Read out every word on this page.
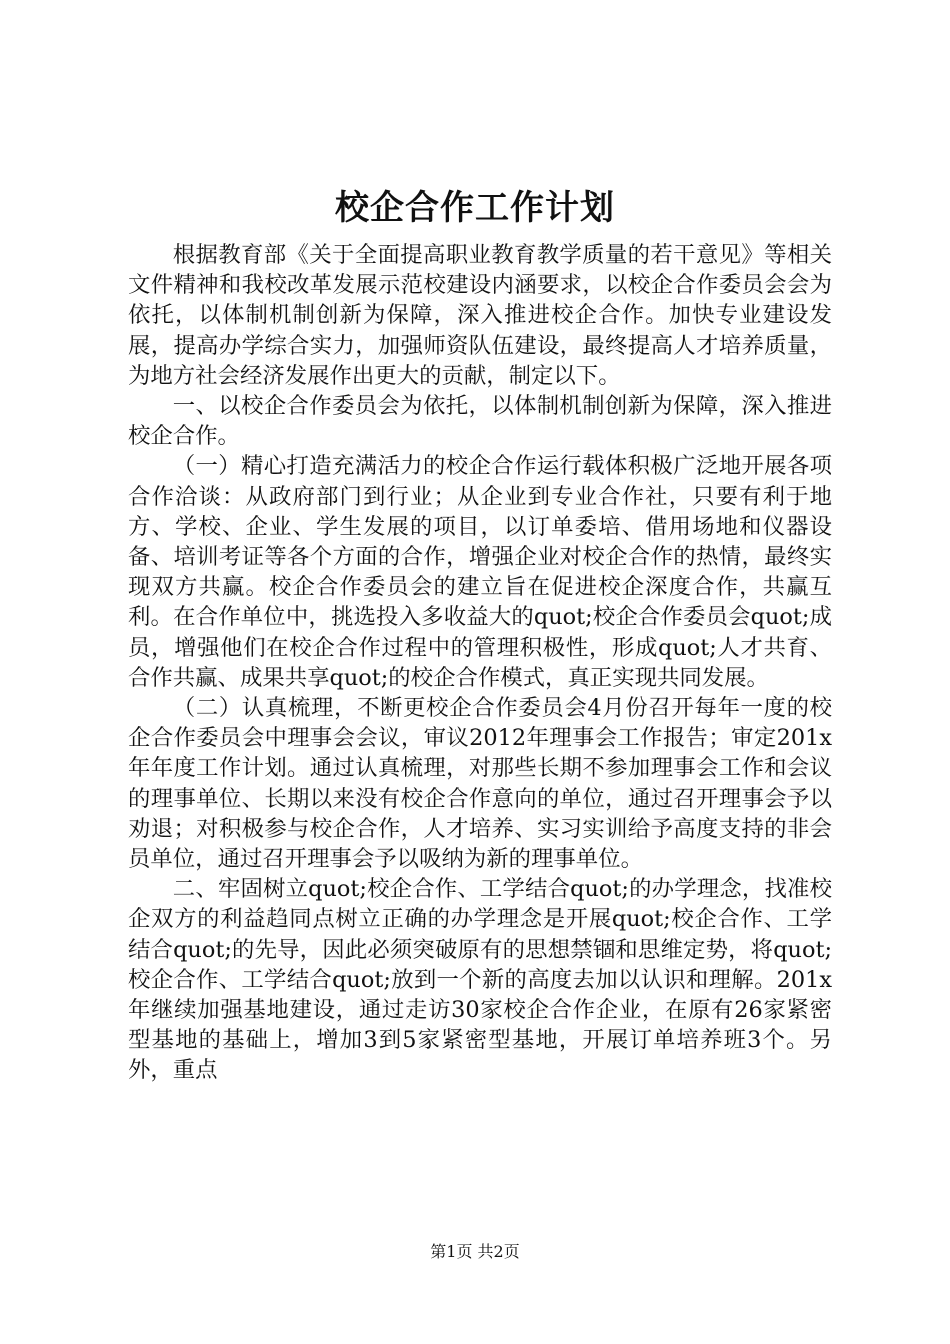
校企合作工作计划

根据教育部《关于全面提高职业教育教学质量的若干意见》等相关文件精神和我校改革发展示范校建设内涵要求，以校企合作委员会会为依托，以体制机制创新为保障，深入推进校企合作。加快专业建设发展，提高办学综合实力，加强师资队伍建设，最终提高人才培养质量，为地方社会经济发展作出更大的贡献，制定以下。

一、以校企合作委员会为依托，以体制机制创新为保障，深入推进校企合作。

（一）精心打造充满活力的校企合作运行载体积极广泛地开展各项合作洽谈：从政府部门到行业；从企业到专业合作社，只要有利于地方、学校、企业、学生发展的项目，以订单委培、借用场地和仪器设备、培训考证等各个方面的合作，增强企业对校企合作的热情，最终实现双方共赢。校企合作委员会的建立旨在促进校企深度合作，共赢互利。在合作单位中，挑选投入多收益大的quot;校企合作委员会quot;成员，增强他们在校企合作过程中的管理积极性，形成quot;人才共育、合作共赢、成果共享quot;的校企合作模式，真正实现共同发展。

（二）认真梳理，不断更校企合作委员会4月份召开每年一度的校企合作委员会中理事会会议，审议2012年理事会工作报告；审定201x年年度工作计划。通过认真梳理，对那些长期不参加理事会工作和会议的理事单位、长期以来没有校企合作意向的单位，通过召开理事会予以劝退；对积极参与校企合作，人才培养、实习实训给予高度支持的非会员单位，通过召开理事会予以吸纳为新的理事单位。

二、牢固树立quot;校企合作、工学结合quot;的办学理念，找准校企双方的利益趋同点树立正确的办学理念是开展quot;校企合作、工学结合quot;的先导，因此必须突破原有的思想禁锢和思维定势，将quot;校企合作、工学结合quot;放到一个新的高度去加以认识和理解。201x年继续加强基地建设，通过走访30家校企合作企业，在原有26家紧密型基地的基础上，增加3到5家紧密型基地，开展订单培养班3个。另外，重点

第1页 共2页
